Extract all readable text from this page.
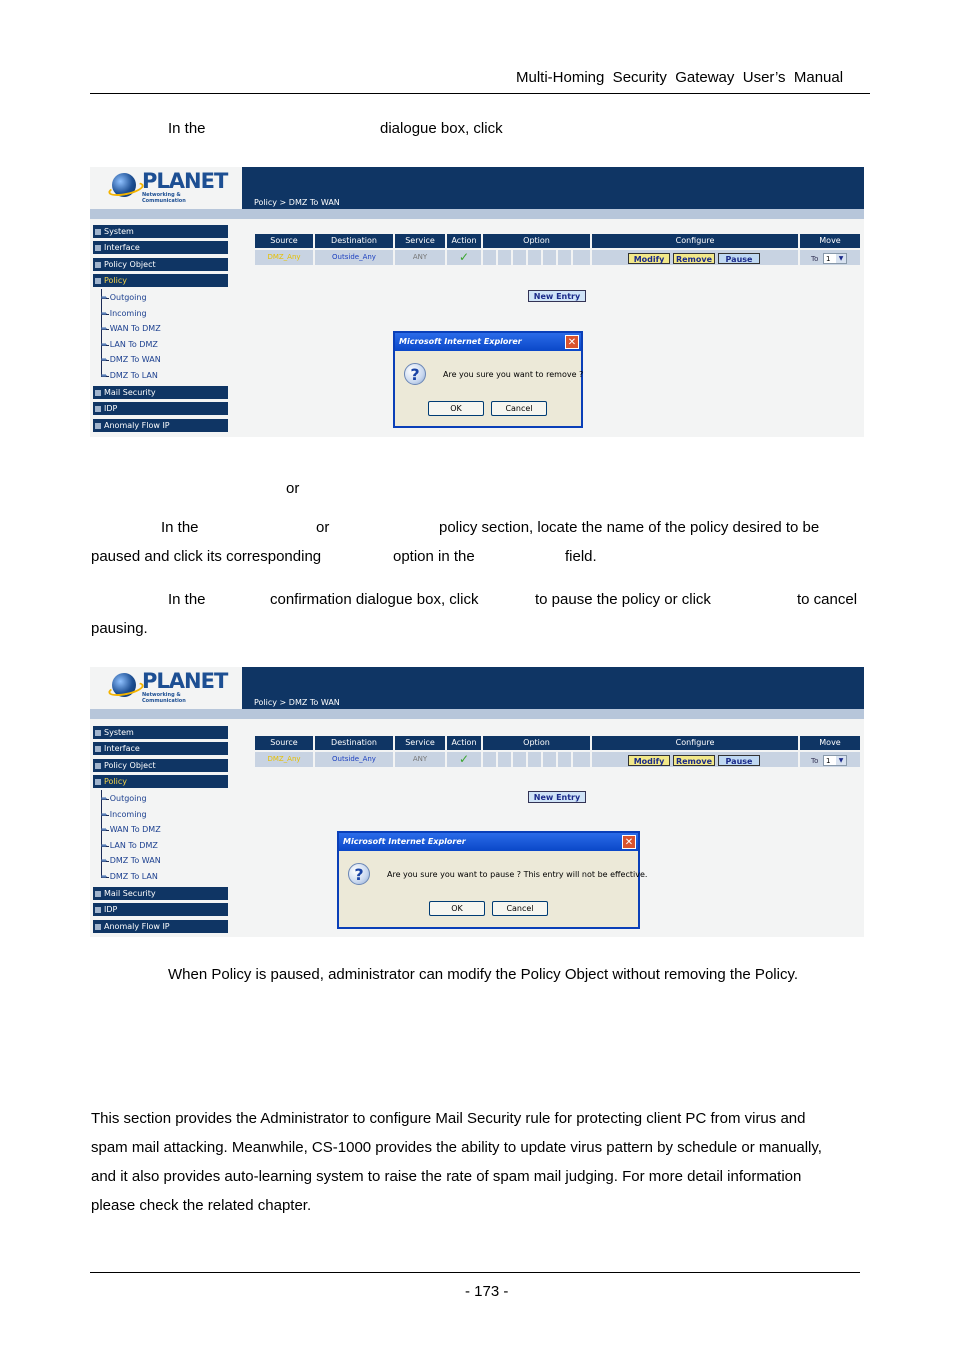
Multi-Homing  Security  Gateway  User’s  Manual
In the	dialogue box, click
PLANET
Networking & Communication	Policy > DMZ To WAN
System
Interface
Policy Object
Policy
➨ Outgoing
➨ Incoming
➨ WAN To DMZ
➨ LAN To DMZ
➨ DMZ To WAN
➨ DMZ To LAN
Mail Security
IDP
Anomaly Flow IP
Source	Destination	Service	Action	Option	Configure	Move
DMZ_Any	Outside_Any	ANY	✓	Modify	Remove	Pause	To	1	▼
New Entry
Microsoft Internet Explorer	✕
?	Are you sure you want to remove ?
OK	Cancel
or
In the	or	policy section, locate the name of the policy desired to be
paused and click its corresponding	option in the	field.
In the	confirmation dialogue box, click	to pause the policy or click	to cancel
pausing.
PLANET
Networking & Communication	Policy > DMZ To WAN
System
Interface
Policy Object
Policy
➨ Outgoing
➨ Incoming
➨ WAN To DMZ
➨ LAN To DMZ
➨ DMZ To WAN
➨ DMZ To LAN
Mail Security
IDP
Anomaly Flow IP
Source	Destination	Service	Action	Option	Configure	Move
DMZ_Any	Outside_Any	ANY	✓	Modify	Remove	Pause	To	1	▼
New Entry
Microsoft Internet Explorer	✕
?	Are you sure you want to pause ? This entry will not be effective.
OK	Cancel
When Policy is paused, administrator can modify the Policy Object without removing the Policy.
This section provides the Administrator to configure Mail Security rule for protecting client PC from virus and
spam mail attacking. Meanwhile, CS-1000 provides the ability to update virus pattern by schedule or manually,
and it also provides auto-learning system to raise the rate of spam mail judging. For more detail information
please check the related chapter.
- 173 -
